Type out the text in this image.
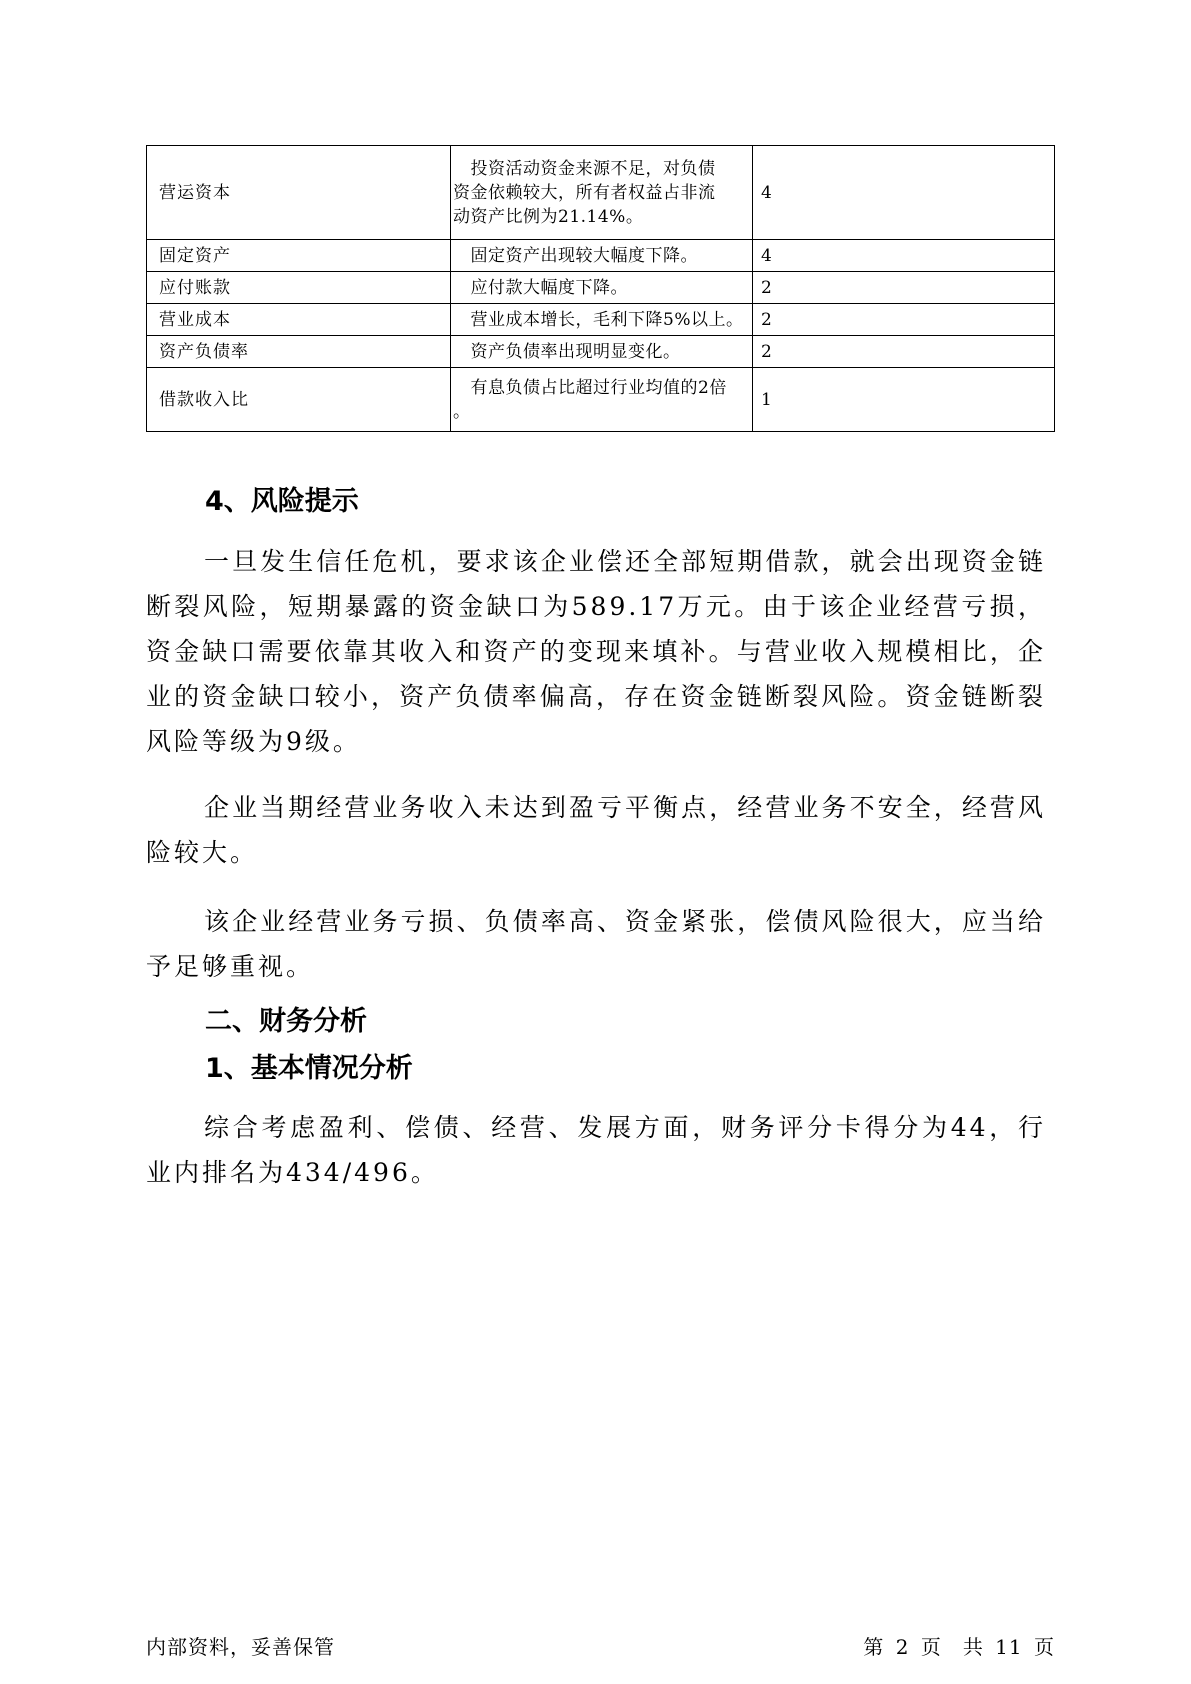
营运资本	　投资活动资金来源不足，对负债
资金依赖较大，所有者权益占非流
动资产比例为21.14%。	4
固定资产	　固定资产出现较大幅度下降。	4
应付账款	　应付款大幅度下降。	2
营业成本	　营业成本增长，毛利下降5%以上。	2
资产负债率	　资产负债率出现明显变化。	2
借款收入比	　有息负债占比超过行业均值的2倍
。	1
4、风险提示

一旦发生信任危机，要求该企业偿还全部短期借款，就会出现资金链断裂风险，短期暴露的资金缺口为589.17万元。由于该企业经营亏损，资金缺口需要依靠其收入和资产的变现来填补。与营业收入规模相比，企业的资金缺口较小，资产负债率偏高，存在资金链断裂风险。资金链断裂风险等级为9级。

企业当期经营业务收入未达到盈亏平衡点，经营业务不安全，经营风险较大。

该企业经营业务亏损、负债率高、资金紧张，偿债风险很大，应当给予足够重视。

二、财务分析
1、基本情况分析

综合考虑盈利、偿债、经营、发展方面，财务评分卡得分为44，行业内排名为434/496。

内部资料，妥善保管	第 2 页　共 11 页
